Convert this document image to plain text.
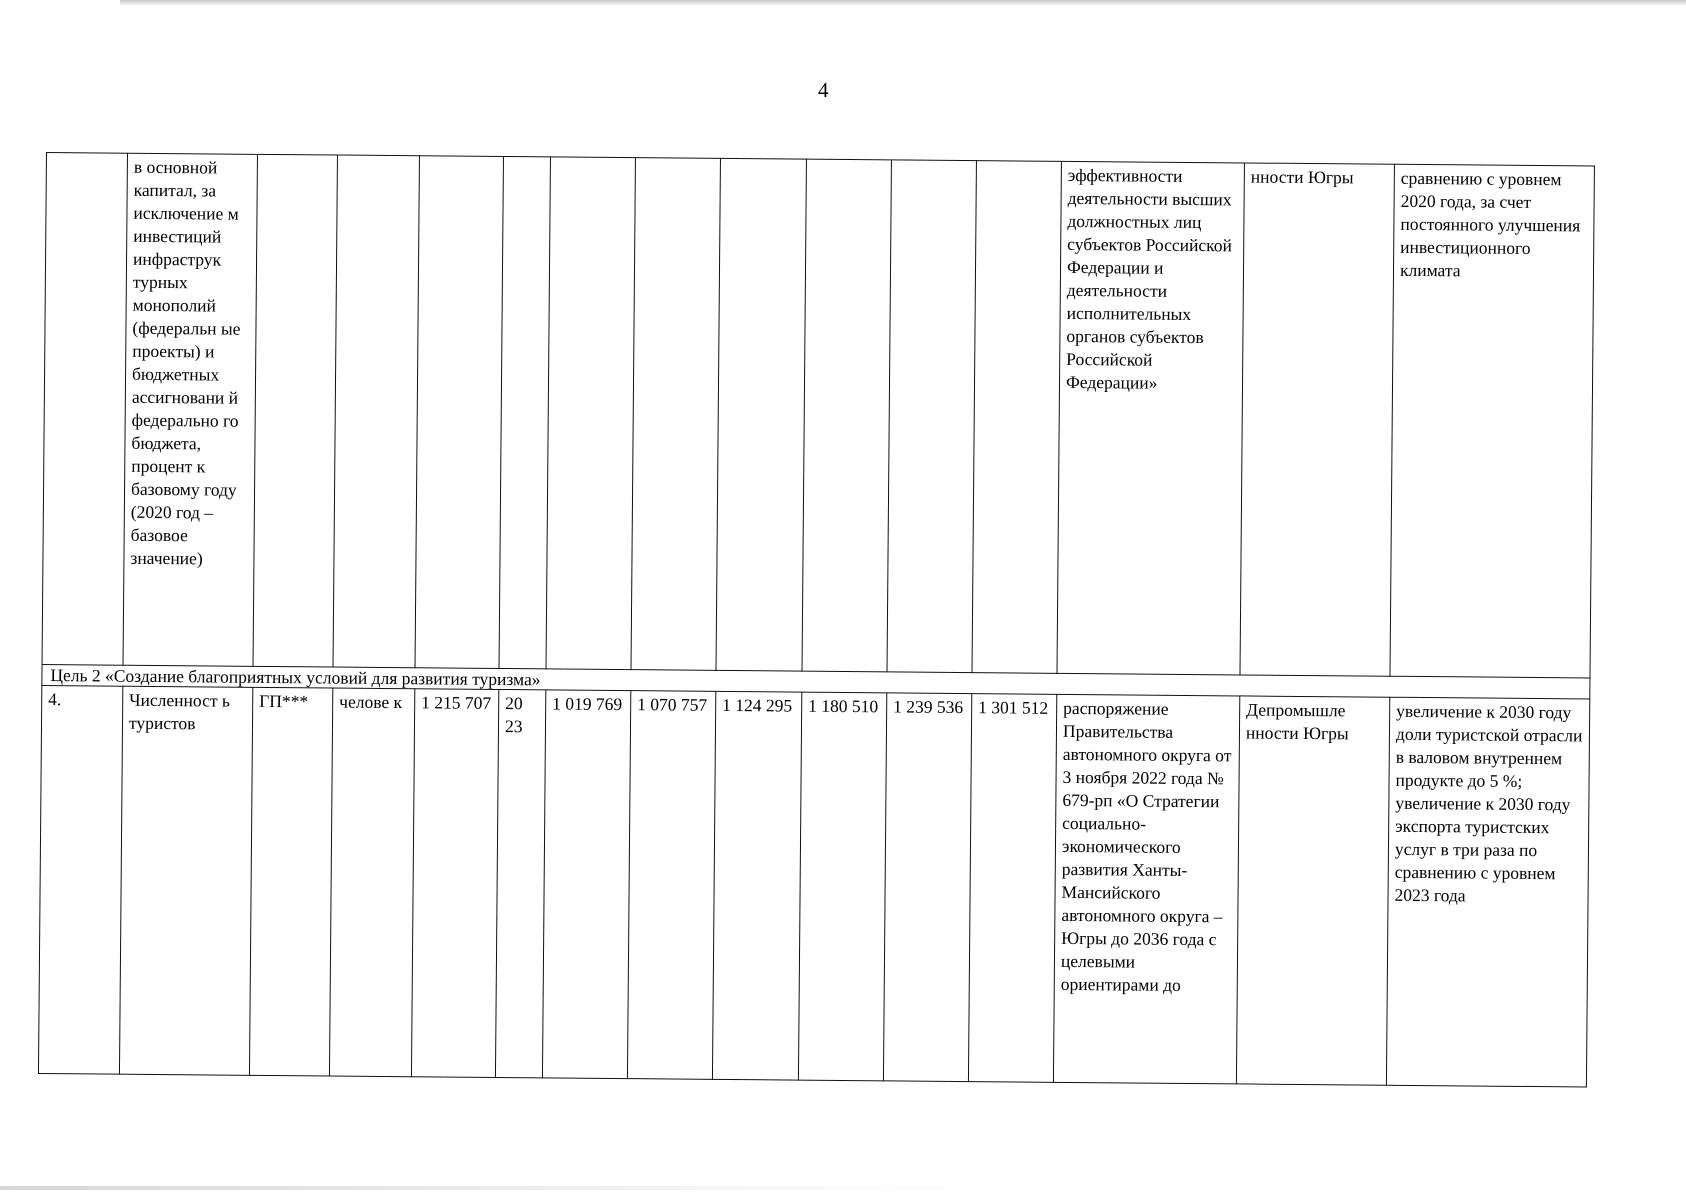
4
	в основной капитал, за исключение м инвестиций инфраструк турных монополий (федеральн ые проекты) и бюджетных ассигновани й федерально го бюджета, процент к базовому году (2020 год – базовое значение)											эффективности деятельности высших должностных лиц субъектов Российской Федерации и деятельности исполнительных органов субъектов Российской Федерации»	нности Югры	сравнению с уровнем 2020 года, за счет постоянного улучшения инвестиционного климата
Цель 2 «Создание благоприятных условий для развития туризма»														
4.	Численност ь туристов	ГП***	челове к	1 215 707	20 23	1 019 769	1 070 757	1 124 295	1 180 510	1 239 536	1 301 512	распоряжение Правительства автономного округа от 3 ноября 2022 года № 679-рп «О Стратегии социально-экономического развития Ханты-Мансийского автономного округа – Югры до 2036 года с целевыми ориентирами до	Депромышле нности Югры	увеличение к 2030 году доли туристской отрасли в валовом внутреннем продукте до 5 %; увеличение к 2030 году экспорта туристских услуг в три раза по сравнению с уровнем 2023 года
